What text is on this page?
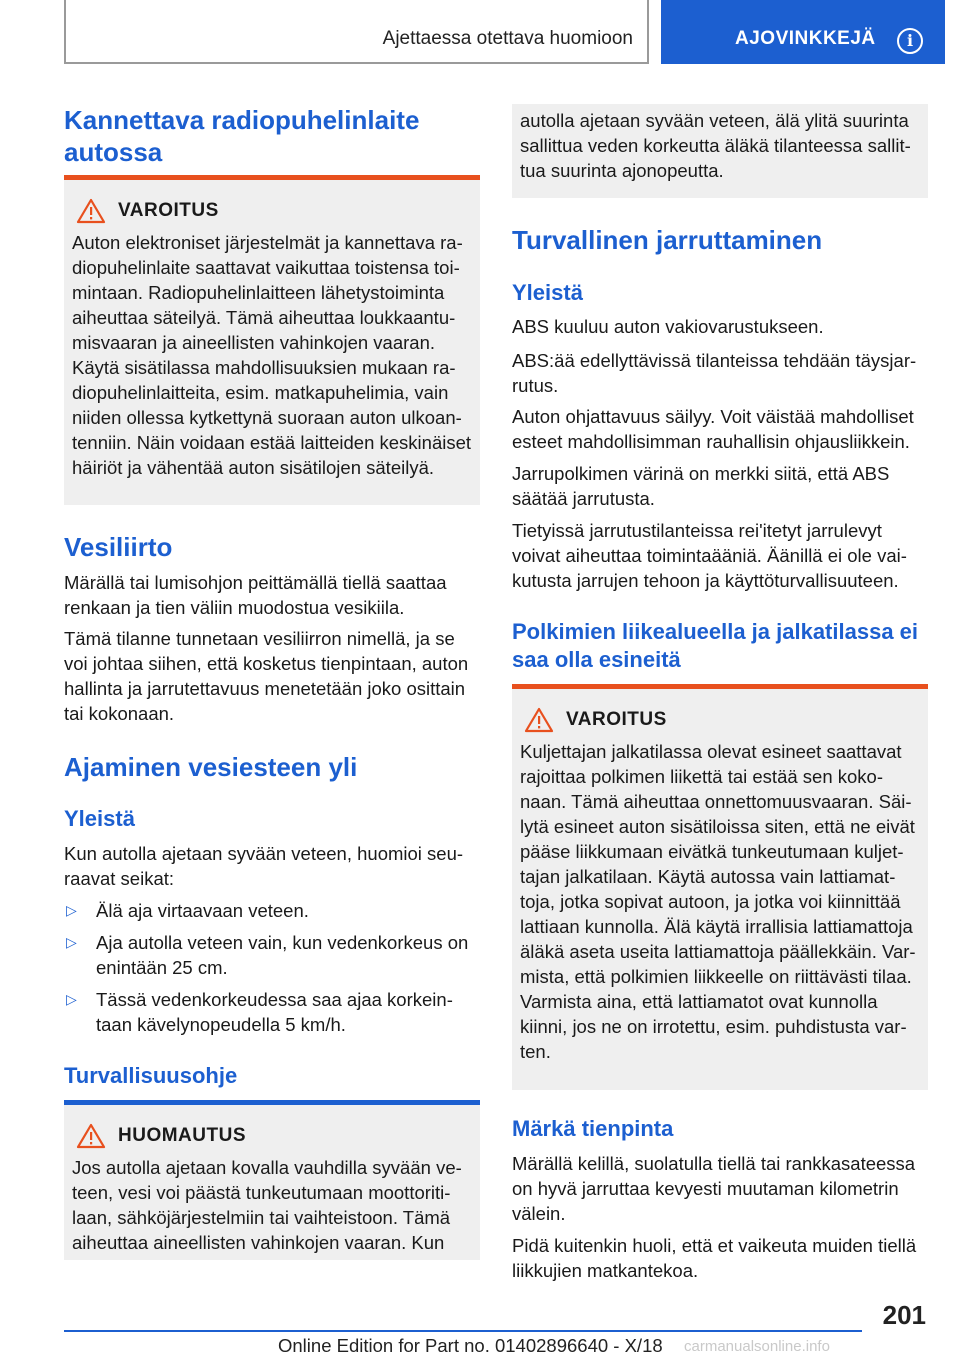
Ajettaessa otettava huomioon	AJOVINKKEJÄ	i
Kannettava radiopuhelinlaite autossa
VAROITUS

Auton elektroniset järjestelmät ja kannettava radiopuhelinlaite saattavat vaikuttaa toistensa toimintaan. Radiopuhelinlaitteen lähetystoiminta aiheuttaa säteilyä. Tämä aiheuttaa loukkaantumisvaaran ja aineellisten vahinkojen vaaran. Käytä sisätilassa mahdollisuuksien mukaan radiopuhelinlaitteita, esim. matkapuhelimia, vain niiden ollessa kytkettynä suoraan auton ulkoantenniin. Näin voidaan estää laitteiden keskinäiset häiriöt ja vähentää auton sisätilojen säteilyä.

Vesiliirto

Märällä tai lumisohjon peittämällä tiellä saattaa renkaan ja tien väliin muodostua vesikiila.

Tämä tilanne tunnetaan vesiliirron nimellä, ja se voi johtaa siihen, että kosketus tienpintaan, auton hallinta ja jarrutettavuus menetetään joko osittain tai kokonaan.

Ajaminen vesiesteen yli
Yleistä

Kun autolla ajetaan syvään veteen, huomioi seuraavat seikat:

▷ Älä aja virtaavaan veteen.
▷ Aja autolla veteen vain, kun vedenkorkeus on enintään 25 cm.
▷ Tässä vedenkorkeudessa saa ajaa korkeintaan kävelynopeudella 5 km/h.
Turvallisuusohje
HUOMAUTUS

Jos autolla ajetaan kovalla vauhdilla syvään veteen, vesi voi päästä tunkeutumaan moottoritilaan, sähköjärjestelmiin tai vaihteistoon. Tämä aiheuttaa aineellisten vahinkojen vaaran. Kun

autolla ajetaan syvään veteen, älä ylitä suurinta sallittua veden korkeutta äläkä tilanteessa sallittua suurinta ajonopeutta.

Turvallinen jarruttaminen
Yleistä

ABS kuuluu auton vakiovarustukseen.

ABS:ää edellyttävissä tilanteissa tehdään täysjarrutus.

Auton ohjattavuus säilyy. Voit väistää mahdolliset esteet mahdollisimman rauhallisin ohjausliikkein.

Jarrupolkimen värinä on merkki siitä, että ABS säätää jarrutusta.

Tietyissä jarrutustilanteissa rei'itetyt jarrulevyt voivat aiheuttaa toimintaääniä. Äänillä ei ole vaikutusta jarrujen tehoon ja käyttöturvallisuuteen.

Polkimien liikealueella ja jalkatilassa ei saa olla esineitä
VAROITUS

Kuljettajan jalkatilassa olevat esineet saattavat rajoittaa polkimen liikettä tai estää sen kokonaan. Tämä aiheuttaa onnettomuusvaaran. Säilytä esineet auton sisätiloissa siten, että ne eivät pääse liikkumaan eivätkä tunkeutumaan kuljettajan jalkatilaan. Käytä autossa vain lattiamattoja, jotka sopivat autoon, ja jotka voi kiinnittää lattiaan kunnolla. Älä käytä irrallisia lattiamattoja äläkä aseta useita lattiamattoja päällekkäin. Varmista, että polkimien liikkeelle on riittävästi tilaa. Varmista aina, että lattiamatot ovat kunnolla kiinni, jos ne on irrotettu, esim. puhdistusta varten.

Märkä tienpinta

Märällä kelillä, suolatulla tiellä tai rankkasateessa on hyvä jarruttaa kevyesti muutaman kilometrin välein.

Pidä kuitenkin huoli, että et vaikeuta muiden tiellä liikkujien matkantekoa.

201
Online Edition for Part no. 01402896640 - X/18 carmanualsonline.info
